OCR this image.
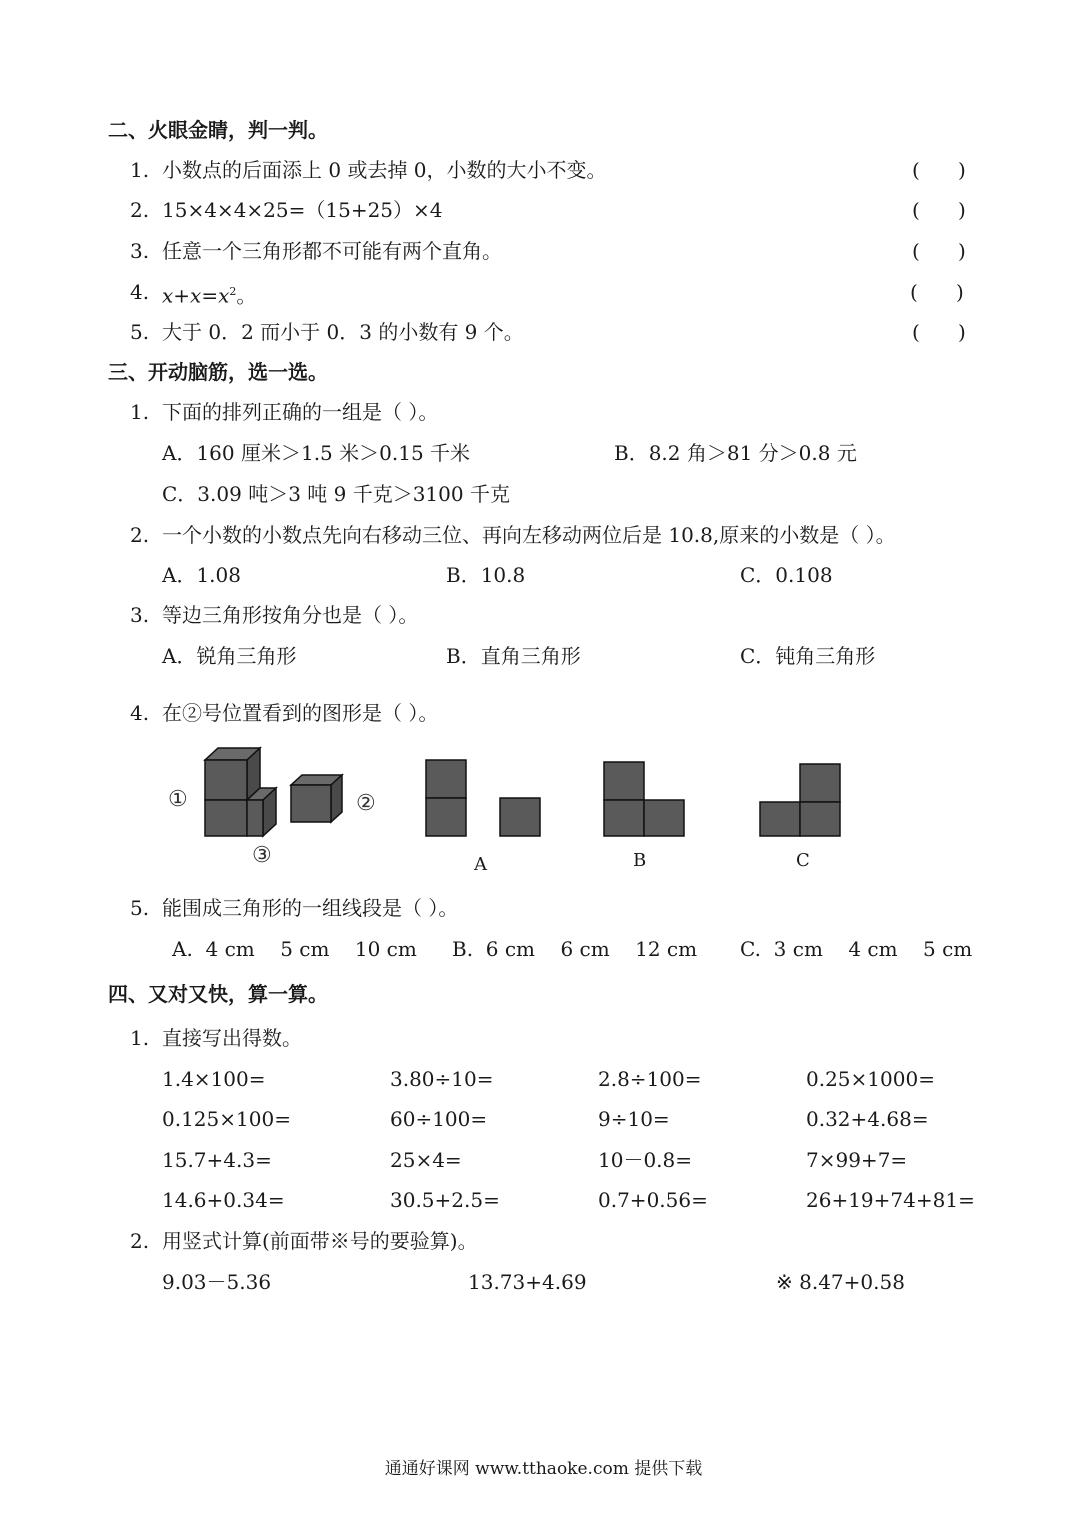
二、火眼金睛，判一判。
1. 小数点的后面添上 0 或去掉 0，小数的大小不变。	(      )
2. 15×4×4×25=（15+25）×4	(      )
3. 任意一个三角形都不可能有两个直角。	(      )
4. $x+x=x^2$。	(      )
5. 大于 0．2 而小于 0．3 的小数有 9 个。	(      )
三、开动脑筋，选一选。
1. 下面的排列正确的一组是（ ）。
A．160 厘米＞1.5 米＞0.15 千米	B．8.2 角＞81 分＞0.8 元
C．3.09 吨＞3 吨 9 千克＞3100 千克
2. 一个小数的小数点先向右移动三位、再向左移动两位后是 10.8,原来的小数是（ ）。
A．1.08	B．10.8	C．0.108
3. 等边三角形按角分也是（ ）。
A．锐角三角形	B．直角三角形	C．钝角三角形
4. 在②号位置看到的图形是（ ）。
①	②
③	A	B	C
5. 能围成三角形的一组线段是（ ）。
A.  4 cm    5 cm    10 cm B.  6 cm    6 cm    12 cm C.  3 cm    4 cm    5 cm
四、又对又快，算一算。
1. 直接写出得数。
1.4×100=	3.80÷10=	2.8÷100=	0.25×1000=
0.125×100=	60÷100=	9÷10=	0.32+4.68=
15.7+4.3=	25×4=	10－0.8=	7×99+7=
14.6+0.34=	30.5+2.5=	0.7+0.56=	26+19+74+81=
2. 用竖式计算(前面带※号的要验算)。
9.03－5.36	13.73+4.69	※ 8.47+0.58
通通好课网 www.tthaoke.com 提供下载
